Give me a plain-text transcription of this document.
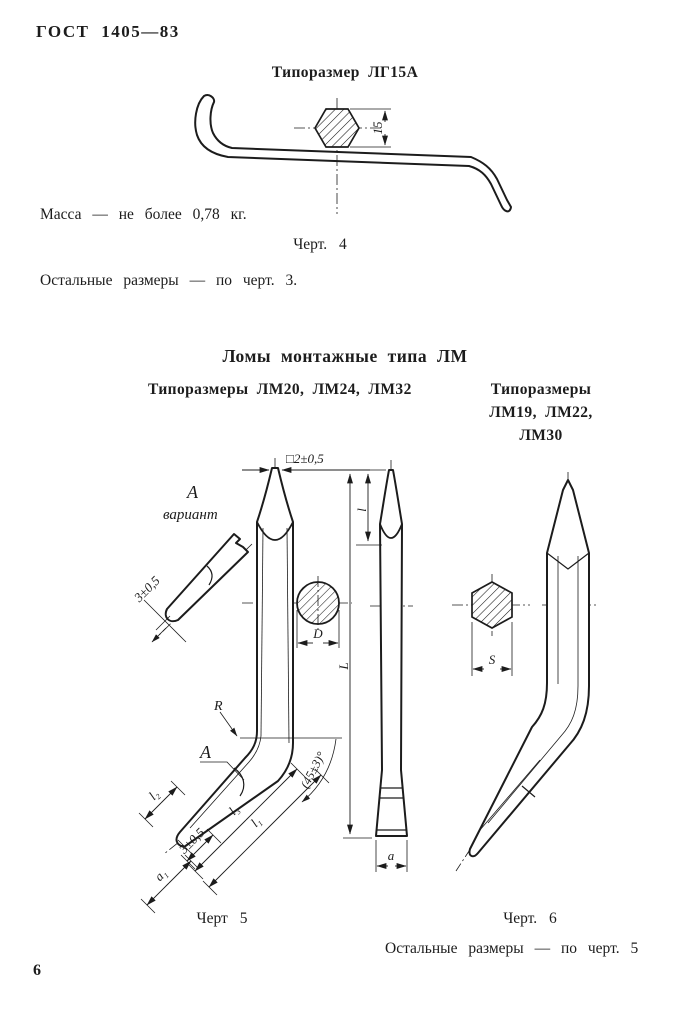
ГОСТ 1405—83
Типоразмер ЛГ15А
15
Масса — не более 0,78 кг.
Черт. 4
Остальные размеры — по черт. 3.
Ломы монтажные типа ЛМ
Типоразмеры ЛМ20, ЛМ24, ЛМ32	Типоразмеры
ЛМ19, ЛМ22,
ЛМ30
□2±0,5
А
вариант
3±0,5
R
(45±3)°
А
l₁
l₃
l₂
3±0,5
a₁
D
l
L
a
S
Черт 5	Черт. 6
Остальные размеры — по черт. 5
6
